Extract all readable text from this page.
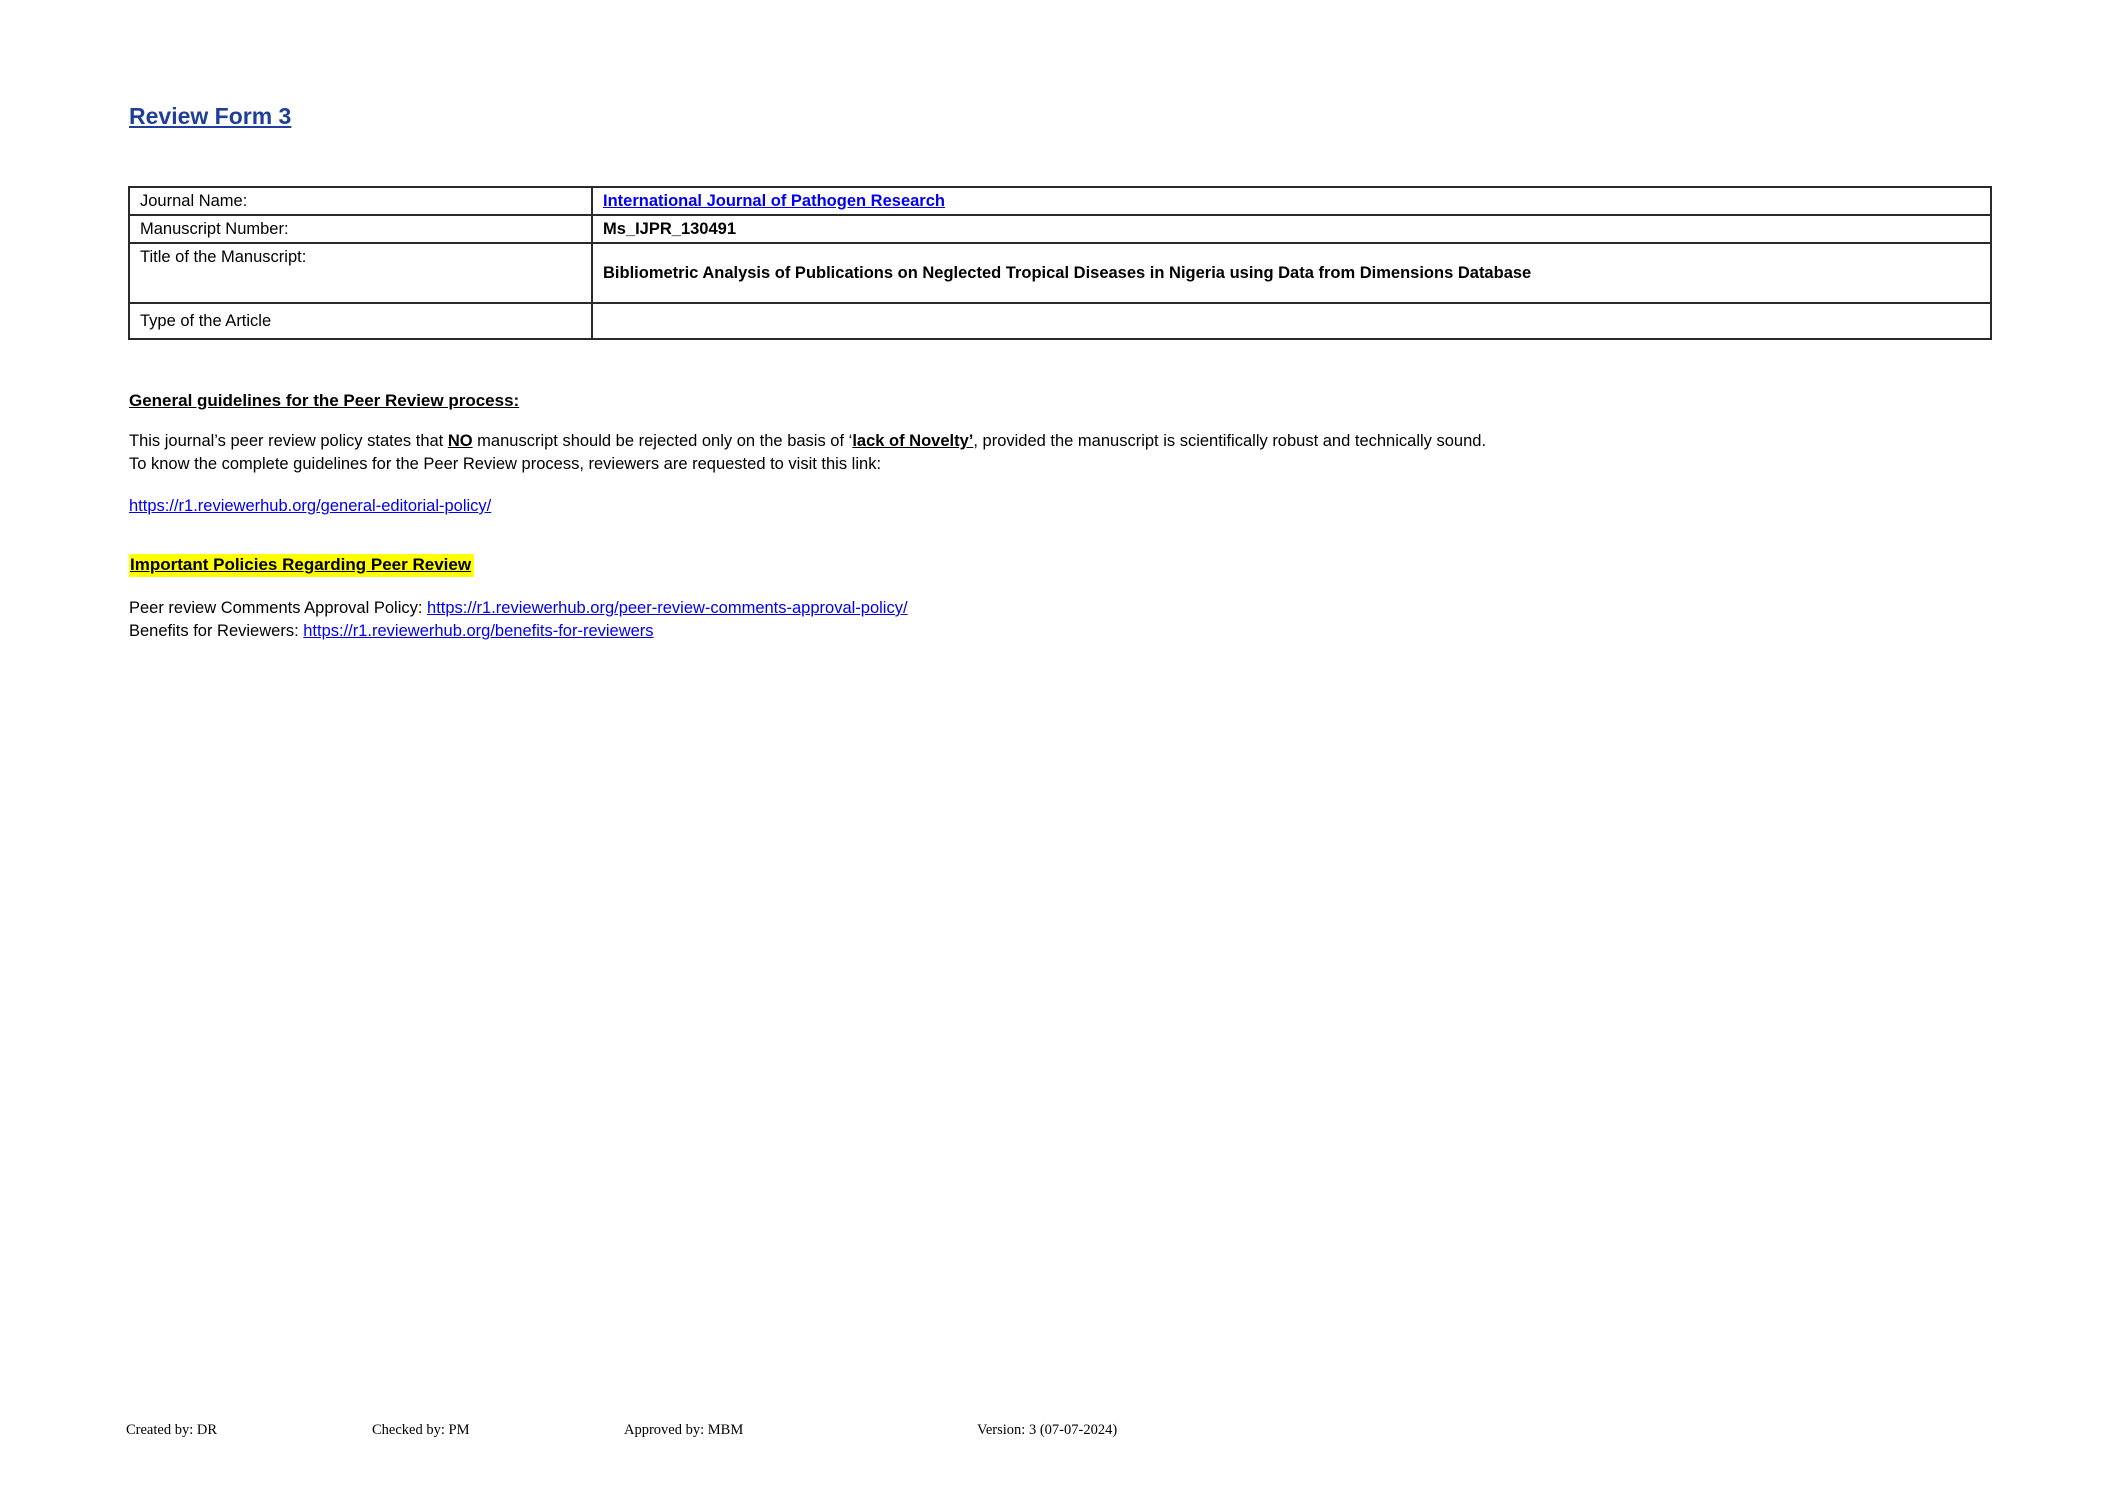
Review Form 3
Journal Name:	International Journal of Pathogen Research
Manuscript Number:	Ms_IJPR_130491
Title of the Manuscript:	Bibliometric Analysis of Publications on Neglected Tropical Diseases in Nigeria using Data from Dimensions Database
Type of the Article	
General guidelines for the Peer Review process:

This journal’s peer review policy states that NO manuscript should be rejected only on the basis of ‘lack of Novelty’, provided the manuscript is scientifically robust and technically sound.
To know the complete guidelines for the Peer Review process, reviewers are requested to visit this link:

https://r1.reviewerhub.org/general-editorial-policy/
Important Policies Regarding Peer Review

Peer review Comments Approval Policy: https://r1.reviewerhub.org/peer-review-comments-approval-policy/
Benefits for Reviewers: https://r1.reviewerhub.org/benefits-for-reviewers

Created by: DR	Checked by: PM	Approved by: MBM	Version: 3 (07-07-2024)
